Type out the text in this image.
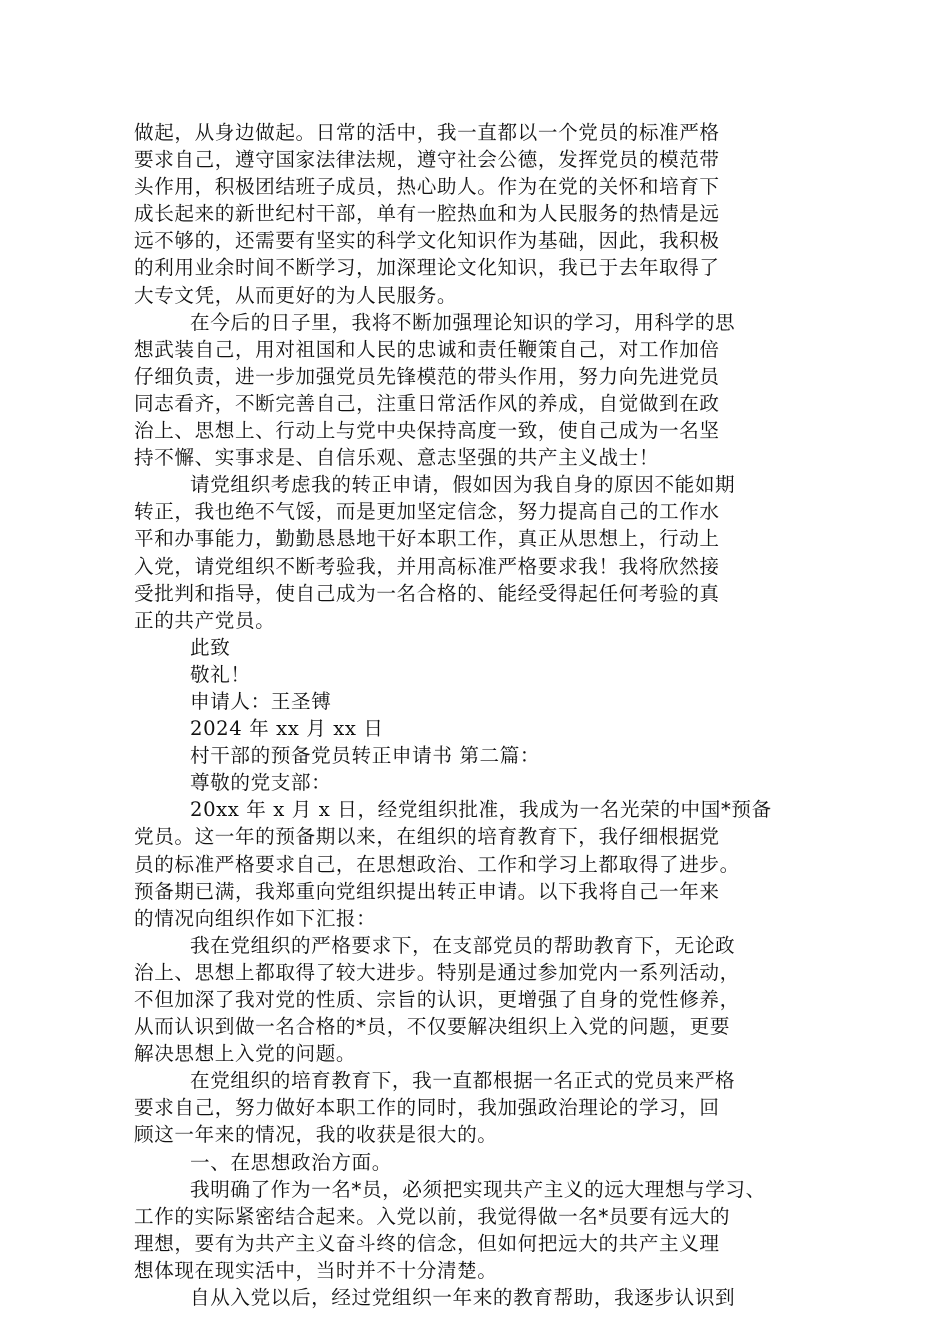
做起，从身边做起。日常的活中，我一直都以一个党员的标准严格
要求自己，遵守国家法律法规，遵守社会公德，发挥党员的模范带
头作用，积极团结班子成员，热心助人。作为在党的关怀和培育下
成长起来的新世纪村干部，单有一腔热血和为人民服务的热情是远
远不够的，还需要有坚实的科学文化知识作为基础，因此，我积极
的利用业余时间不断学习，加深理论文化知识，我已于去年取得了
大专文凭，从而更好的为人民服务。
在今后的日子里，我将不断加强理论知识的学习，用科学的思
想武装自己，用对祖国和人民的忠诚和责任鞭策自己，对工作加倍
仔细负责，进一步加强党员先锋模范的带头作用，努力向先进党员
同志看齐，不断完善自己，注重日常活作风的养成，自觉做到在政
治上、思想上、行动上与党中央保持高度一致，使自己成为一名坚
持不懈、实事求是、自信乐观、意志坚强的共产主义战士！
请党组织考虑我的转正申请，假如因为我自身的原因不能如期
转正，我也绝不气馁，而是更加坚定信念，努力提高自己的工作水
平和办事能力，勤勤恳恳地干好本职工作，真正从思想上，行动上
入党，请党组织不断考验我，并用高标准严格要求我！我将欣然接
受批判和指导，使自己成为一名合格的、能经受得起任何考验的真
正的共产党员。
此致
敬礼！
申请人：王圣镈
2024 年 xx 月 xx 日
村干部的预备党员转正申请书 第二篇：
尊敬的党支部：
20xx 年 x 月 x 日，经党组织批准，我成为一名光荣的中国*预备
党员。这一年的预备期以来，在组织的培育教育下，我仔细根据党
员的标准严格要求自己，在思想政治、工作和学习上都取得了进步。
预备期已满，我郑重向党组织提出转正申请。以下我将自己一年来
的情况向组织作如下汇报：
我在党组织的严格要求下，在支部党员的帮助教育下，无论政
治上、思想上都取得了较大进步。特别是通过参加党内一系列活动，
不但加深了我对党的性质、宗旨的认识，更增强了自身的党性修养，
从而认识到做一名合格的*员，不仅要解决组织上入党的问题，更要
解决思想上入党的问题。
在党组织的培育教育下，我一直都根据一名正式的党员来严格
要求自己，努力做好本职工作的同时，我加强政治理论的学习，回
顾这一年来的情况，我的收获是很大的。
一、在思想政治方面。
我明确了作为一名*员，必须把实现共产主义的远大理想与学习、
工作的实际紧密结合起来。入党以前，我觉得做一名*员要有远大的
理想，要有为共产主义奋斗终的信念，但如何把远大的共产主义理
想体现在现实活中，当时并不十分清楚。
自从入党以后，经过党组织一年来的教育帮助，我逐步认识到
